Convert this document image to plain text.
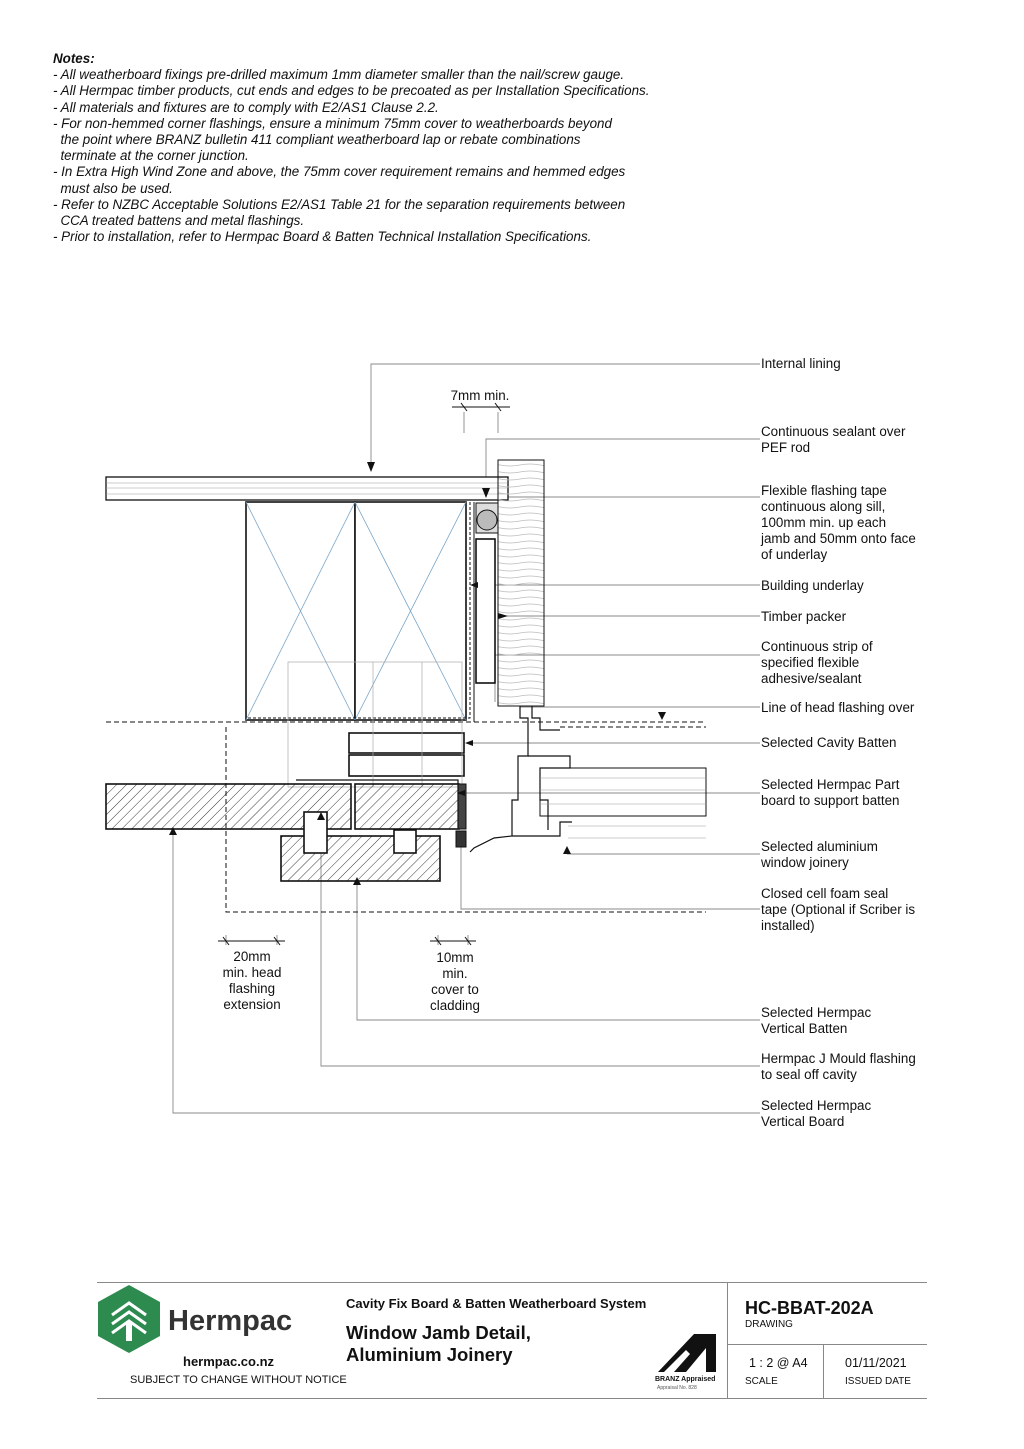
Notes:
- All weatherboard fixings pre-drilled maximum 1mm diameter smaller than the nail/screw gauge.
- All Hermpac timber products, cut ends and edges to be precoated as per Installation Specifications.
- All materials and fixtures are to comply with E2/AS1 Clause 2.2.
- For non-hemmed corner flashings, ensure a minimum 75mm cover to weatherboards beyond
the point where BRANZ bulletin 411 compliant weatherboard lap or rebate combinations
terminate at the corner junction.
- In Extra High Wind Zone and above, the 75mm cover requirement remains and hemmed edges
must also be used.
- Refer to NZBC Acceptable Solutions E2/AS1 Table 21 for the separation requirements between
CCA treated battens and metal flashings.
- Prior to installation, refer to Hermpac Board & Batten Technical Installation Specifications.
Internal lining
Continuous sealant over
PEF rod
Flexible flashing tape
continuous along sill,
100mm min. up each
jamb and 50mm onto face
of underlay
Building underlay
Timber packer
Continuous strip of
specified flexible
adhesive/sealant
Line of head flashing over
Selected Cavity Batten
Selected Hermpac Part
board to support batten
Selected aluminium
window joinery
Closed cell foam seal
tape (Optional if Scriber is
installed)
Selected Hermpac
Vertical Batten
Hermpac J Mould flashing
to seal off cavity
Selected Hermpac
Vertical Board
7mm min.
20mm
min. head
flashing
extension
10mm
min.
cover to
cladding
Hermpac
hermpac.co.nz
SUBJECT TO CHANGE WITHOUT NOTICE
Cavity Fix Board & Batten Weatherboard System
Window Jamb Detail,
Aluminium Joinery
BRANZ Appraised
Appraisal No. 828
HC-BBAT-202A
DRAWING
1 : 2 @ A4
SCALE
01/11/2021
ISSUED DATE
